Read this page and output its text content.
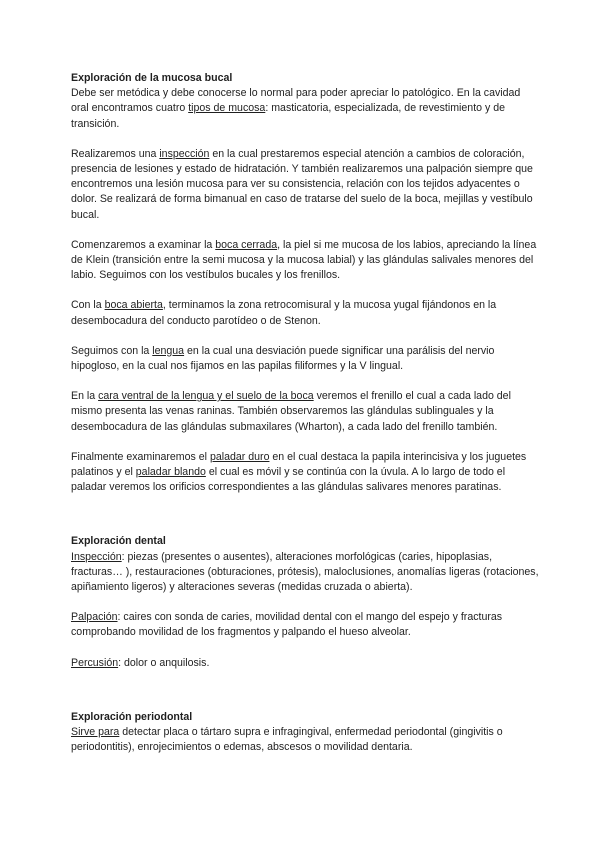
Exploración de la mucosa bucal

Debe ser metódica y debe conocerse lo normal para poder apreciar lo patológico. En la cavidad oral encontramos cuatro tipos de mucosa: masticatoria, especializada, de revestimiento y de transición.

Realizaremos una inspección en la cual prestaremos especial atención a cambios de coloración, presencia de lesiones y estado de hidratación. Y también realizaremos una palpación siempre que encontremos una lesión mucosa para ver su consistencia, relación con los tejidos adyacentes o dolor. Se realizará de forma bimanual en caso de tratarse del suelo de la boca, mejillas y vestíbulo bucal.

Comenzaremos a examinar la boca cerrada, la piel si me mucosa de los labios, apreciando la línea de Klein (transición entre la semi mucosa y la mucosa labial) y las glándulas salivales menores del labio. Seguimos con los vestíbulos bucales y los frenillos.

Con la boca abierta, terminamos la zona retrocomisural y la mucosa yugal fijándonos en la desembocadura del conducto parotídeo o de Stenon.

Seguimos con la lengua en la cual una desviación puede significar una parálisis del nervio hipogloso, en la cual nos fijamos en las papilas filiformes y la V lingual.

En la cara ventral de la lengua y el suelo de la boca veremos el frenillo el cual a cada lado del mismo presenta las venas raninas. También observaremos las glándulas sublinguales y la desembocadura de las glándulas submaxilares (Wharton), a cada lado del frenillo también.

Finalmente examinaremos el paladar duro en el cual destaca la papila interincisiva y los juguetes palatinos y el paladar blando el cual es móvil y se continúa con la úvula. A lo largo de todo el paladar veremos los orificios correspondientes a las glándulas salivares menores paratinas.

Exploración dental

Inspección: piezas (presentes o ausentes), alteraciones morfológicas (caries, hipoplasias, fracturas… ), restauraciones (obturaciones, prótesis), maloclusiones, anomalías ligeras (rotaciones, apiñamiento ligeros) y alteraciones severas (medidas cruzada o abierta).

Palpación: caires con sonda de caries, movilidad dental con el mango del espejo y fracturas comprobando movilidad de los fragmentos y palpando el hueso alveolar.

Percusión: dolor o anquilosis.

Exploración periodontal

Sirve para detectar placa o tártaro supra e infragingival, enfermedad periodontal (gingivitis o periodontitis), enrojecimientos o edemas, abscesos o movilidad dentaria.
